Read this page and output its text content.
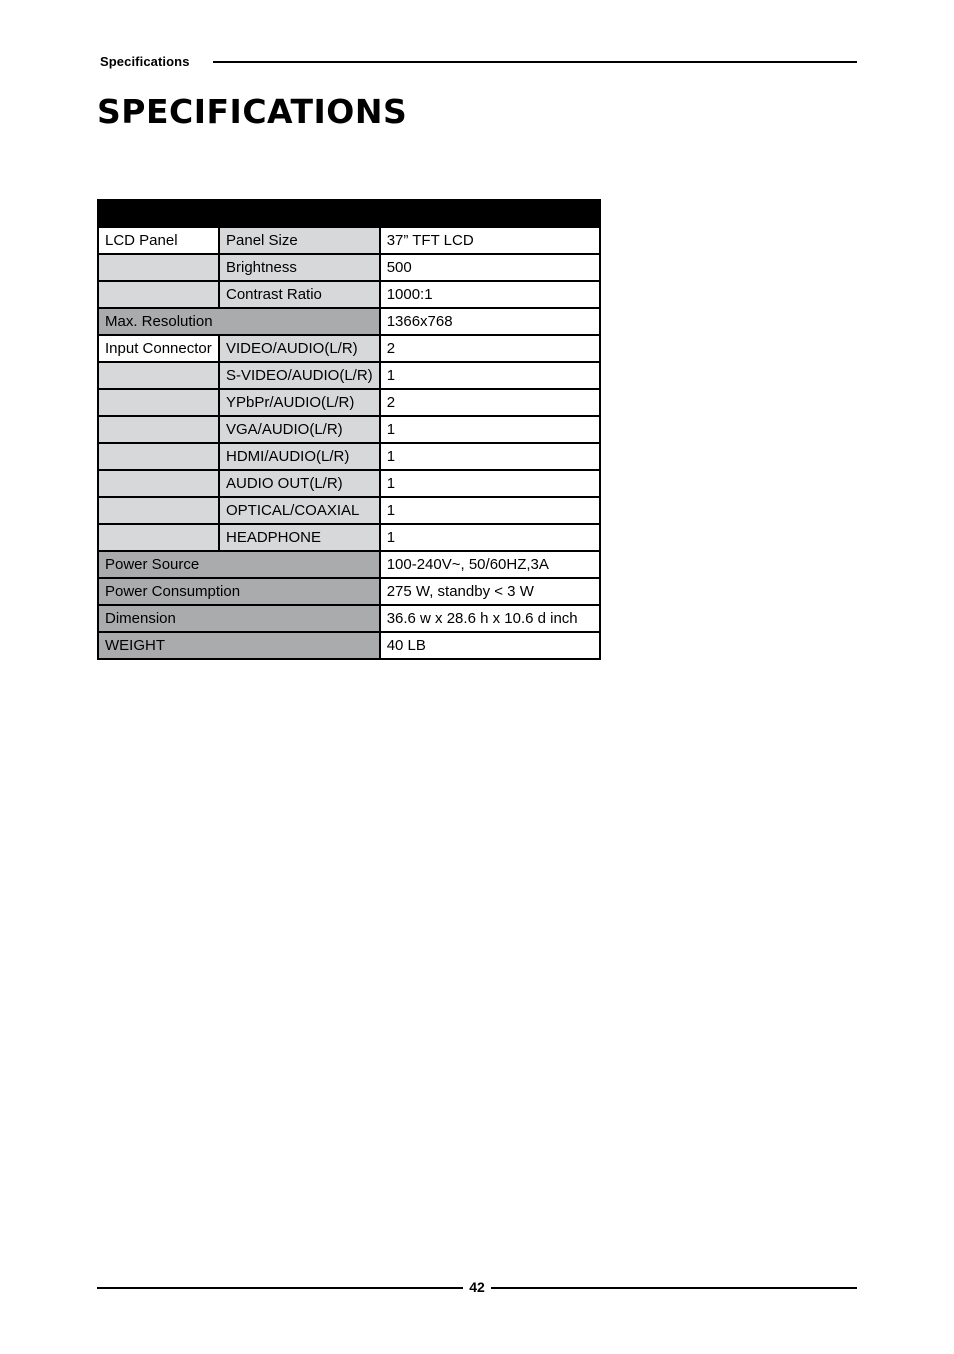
Specifications
SPECIFICATIONS

LCD Panel	Panel Size	37” TFT LCD
	Brightness	500
	Contrast Ratio	1000:1
Max. Resolution		1366x768
Input Connector	VIDEO/AUDIO(L/R)	2
	S-VIDEO/AUDIO(L/R)	1
	YPbPr/AUDIO(L/R)	2
	VGA/AUDIO(L/R)	1
	HDMI/AUDIO(L/R)	1
	AUDIO OUT(L/R)	1
	OPTICAL/COAXIAL	1
	HEADPHONE	1
Power Source		100-240V~, 50/60HZ,3A
Power Consumption		275 W, standby < 3 W
Dimension		36.6 w x 28.6 h x 10.6 d inch
WEIGHT		40 LB
42
